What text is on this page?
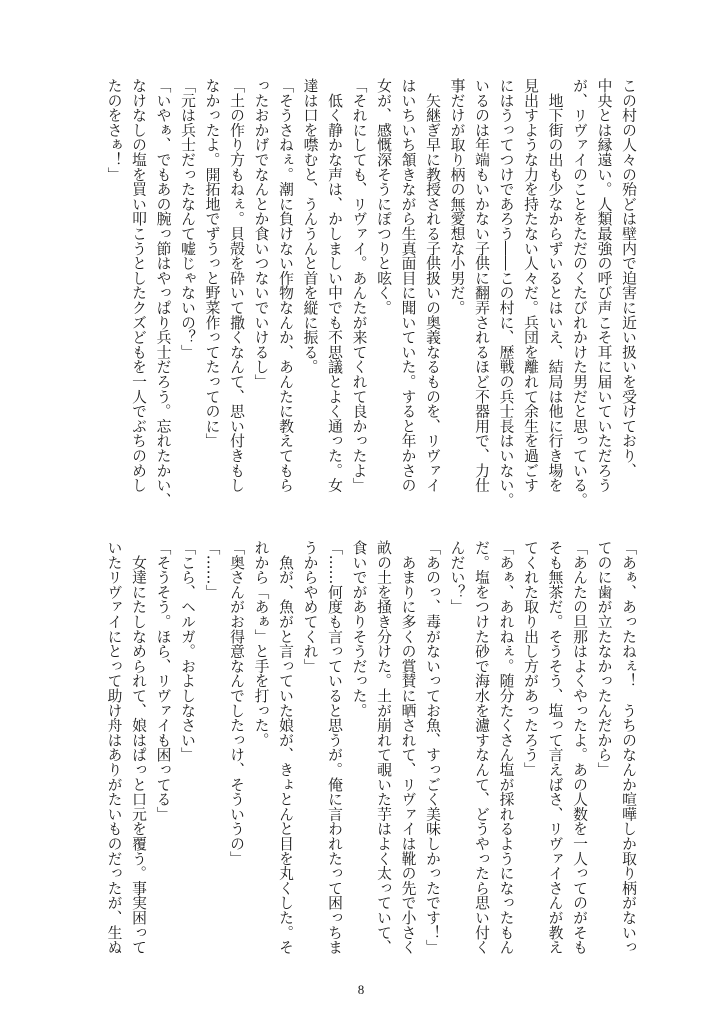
この村の人々の殆どは壁内で迫害に近い扱いを受けており、
中央とは縁遠い。人類最強の呼び声こそ耳に届いていただろう
が、リヴァイのことをただのくたびれかけた男だと思っている。
　地下街の出も少なからずいるとはいえ、結局は他に行き場を
見出すような力を持たない人々だ。兵団を離れて余生を過ごす
にはうってつけであろう――この村に、歴戦の兵士長はいない。
いるのは年端もいかない子供に翻弄されるほど不器用で、力仕
事だけが取り柄の無愛想な小男だ。
　矢継ぎ早に教授される子供扱いの奥義なるものを、リヴァイ
はいちいち頷きながら生真面目に聞いていた。すると年かさの
女が、感慨深そうにぽつりと呟く。
「それにしても、リヴァイ。あんたが来てくれて良かったよ」
　低く静かな声は、かしましい中でも不思議とよく通った。女
達は口を噤むと、うんうんと首を縦に振る。
「そうさねぇ。潮に負けない作物なんか、あんたに教えてもら
ったおかげでなんとか食いつないでいけるし」
「土の作り方もねぇ。貝殻を砕いて撒くなんて、思い付きもし
なかったよ。開拓地でずうっと野菜作ってたってのに」
「元は兵士だったなんて嘘じゃないの？」
「いやぁ、でもあの腕っ節はやっぱり兵士だろう。忘れたかい、
なけなしの塩を買い叩こうとしたクズどもを一人でぶちのめし
たのをさぁ！」
「あぁ、あったねぇ！　うちのなんか喧嘩しか取り柄がないっ
てのに歯が立たなかったんだから」
「あんたの旦那はよくやったよ。あの人数を一人ってのがそも
そも無茶だ。そうそう、塩って言えばさ、リヴァイさんが教え
てくれた取り出し方があったろう」
「あぁ、あれねぇ。随分たくさん塩が採れるようになったもん
だ。塩をつけた砂で海水を濾すなんて、どうやったら思い付く
んだい？」
「あのっ、毒がないってお魚、すっごく美味しかったです！」
　あまりに多くの賞賛に晒されて、リヴァイは靴の先で小さく
畝の土を掻き分けた。土が崩れて覗いた芋はよく太っていて、
食いでがありそうだった。
「……何度も言っていると思うが。俺に言われたって困っちま
うからやめてくれ」
　魚が、魚がと言っていた娘が、きょとんと目を丸くした。そ
れから「あぁ」と手を打った。
「奥さんがお得意なんでしたっけ、そういうの」
「……」
「こら、ヘルガ。およしなさい」
「そうそう。ほら、リヴァイも困ってる」
　女達にたしなめられて、娘はぱっと口元を覆う。事実困って
いたリヴァイにとって助け舟はありがたいものだったが、生ぬ
8
